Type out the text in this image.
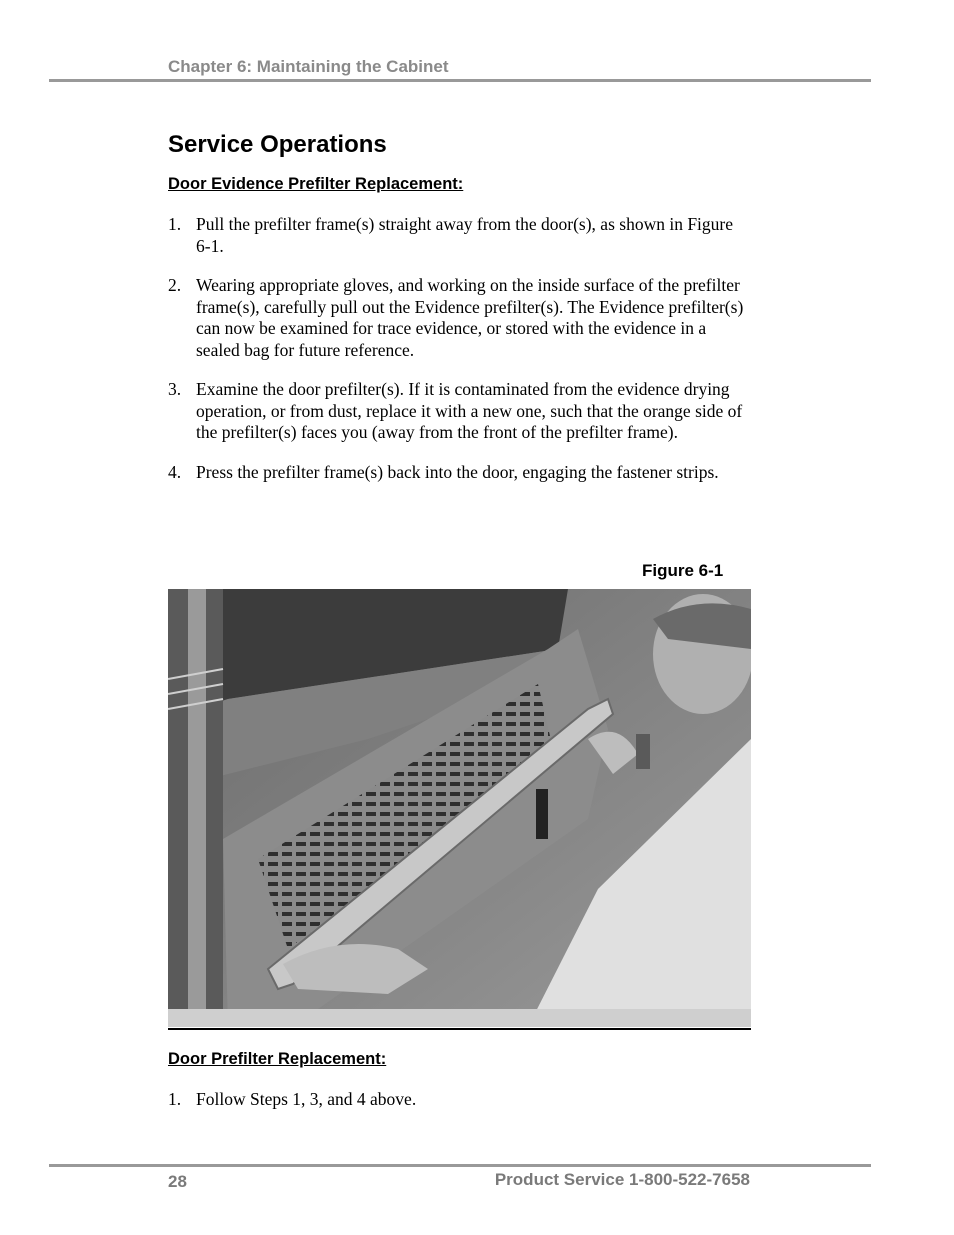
Chapter 6: Maintaining the Cabinet
Service Operations
Door Evidence Prefilter Replacement:
1. Pull the prefilter frame(s) straight away from the door(s), as shown in Figure 6-1.
2. Wearing appropriate gloves, and working on the inside surface of the prefilter frame(s), carefully pull out the Evidence prefilter(s). The Evidence prefilter(s) can now be examined for trace evidence, or stored with the evidence in a sealed bag for future reference.
3. Examine the door prefilter(s). If it is contaminated from the evidence drying operation, or from dust, replace it with a new one, such that the orange side of the prefilter(s) faces you (away from the front of the prefilter frame).
4. Press the prefilter frame(s) back into the door, engaging the fastener strips.
Figure 6-1
Door Prefilter Replacement:
1. Follow Steps 1, 3, and 4 above.
28	Product Service 1-800-522-7658
